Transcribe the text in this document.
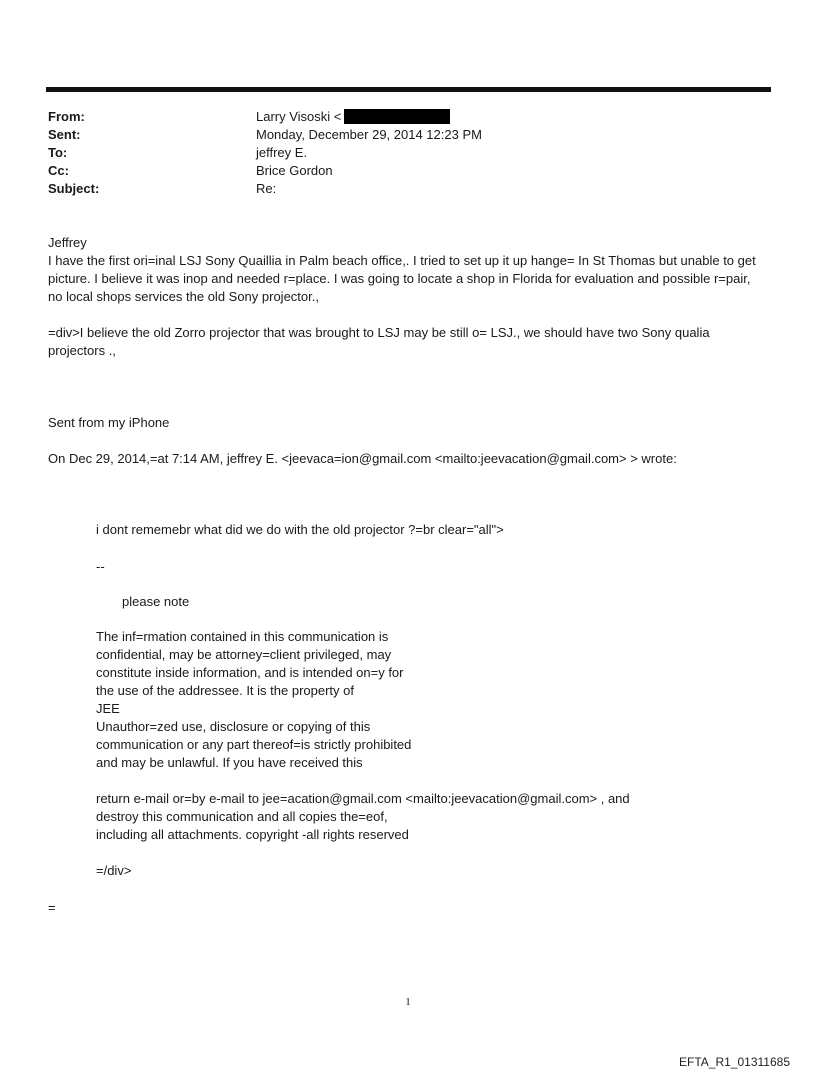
From:	Larry Visoski <
Sent:	Monday, December 29, 2014 12:23 PM
To:	jeffrey E.
Cc:	Brice Gordon
Subject:	Re:

Jeffrey

I have the first ori=inal LSJ Sony Quaillia in Palm beach office,. I tried to set up it up hange= In St Thomas but unable to get picture. I believe it was inop and needed r=place. I was going to locate a shop in Florida for evaluation and possible r=pair, no local shops services the old Sony projector.,

=div>I believe the old Zorro projector that was brought to LSJ may be still o= LSJ., we should have two Sony qualia projectors .,

Sent from my iPhone

On Dec 29, 2014,=at 7:14 AM, jeffrey E. <jeevaca=ion@gmail.com <mailto:jeevacation@gmail.com> > wrote:

i dont rememebr what did we do with the old projector ?=br clear="all">

--

please note

The inf=rmation contained in this communication is
confidential, may be attorney=client privileged, may
constitute inside information, and is intended on=y for
the use of the addressee. It is the property of
JEE
Unauthor=zed use, disclosure or copying of this
communication or any part thereof=is strictly prohibited
and may be unlawful. If you have received this

return e-mail or=by e-mail to jee=acation@gmail.com <mailto:jeevacation@gmail.com> , and
destroy this communication and all copies the=eof,
including all attachments. copyright -all rights reserved

=/div>

=

1
EFTA_R1_01311685
